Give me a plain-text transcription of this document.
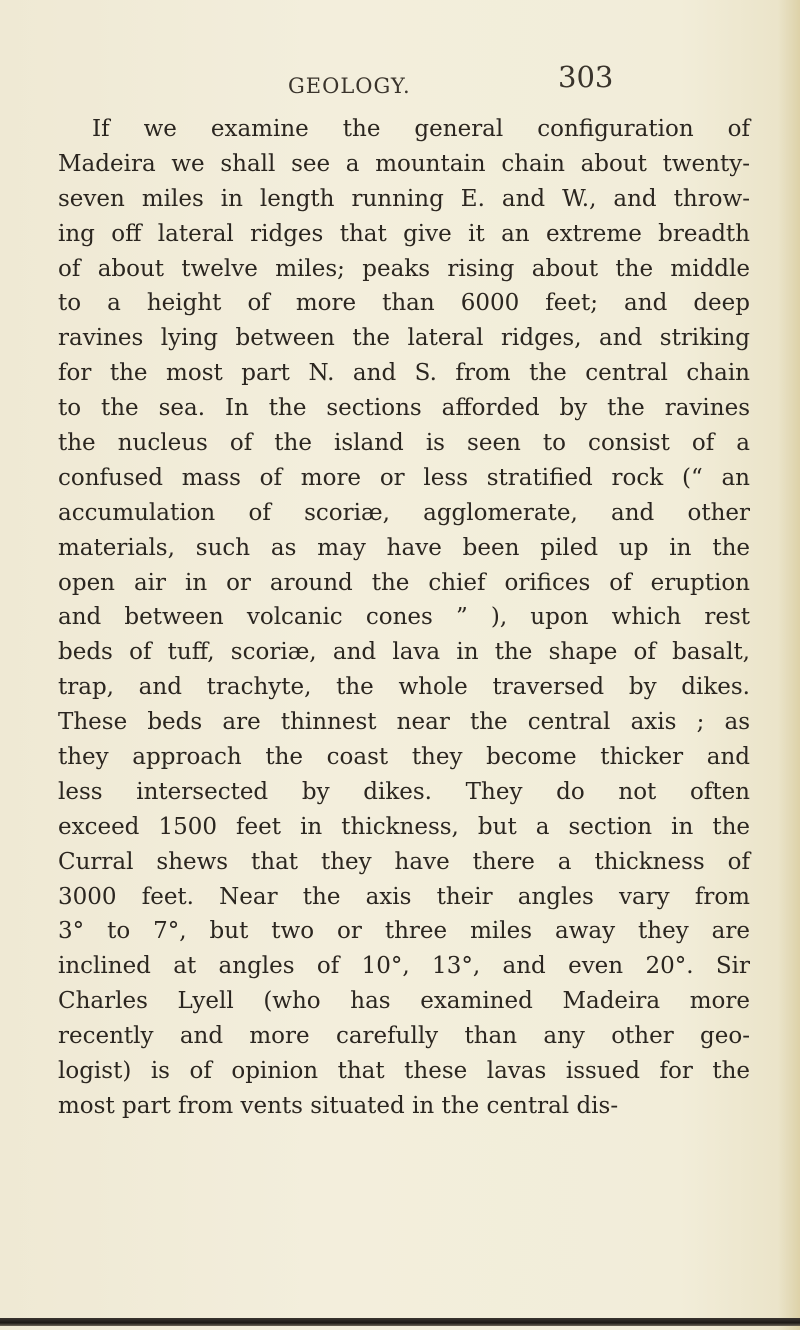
GEOLOGY.	303
If we examine the general configuration of
Madeira we shall see a mountain chain about twenty-
seven miles in length running E. and W., and throw-
ing off lateral ridges that give it an extreme breadth
of about twelve miles; peaks rising about the middle
to a height of more than 6000 feet; and deep
ravines lying between the lateral ridges, and striking
for the most part N. and S. from the central chain
to the sea. In the sections afforded by the ravines
the nucleus of the island is seen to consist of a
confused mass of more or less stratified rock (“ an
accumulation of scoriæ, agglomerate, and other
materials, such as may have been piled up in the
open air in or around the chief orifices of eruption
and between volcanic cones ” ), upon which rest
beds of tuff, scoriæ, and lava in the shape of basalt,
trap, and trachyte, the whole traversed by dikes.
These beds are thinnest near the central axis ; as
they approach the coast they become thicker and
less intersected by dikes. They do not often
exceed 1500 feet in thickness, but a section in the
Curral shews that they have there a thickness of
3000 feet. Near the axis their angles vary from
3° to 7°, but two or three miles away they are
inclined at angles of 10°, 13°, and even 20°. Sir
Charles Lyell (who has examined Madeira more
recently and more carefully than any other geo-
logist) is of opinion that these lavas issued for the
most part from vents situated in the central dis-
